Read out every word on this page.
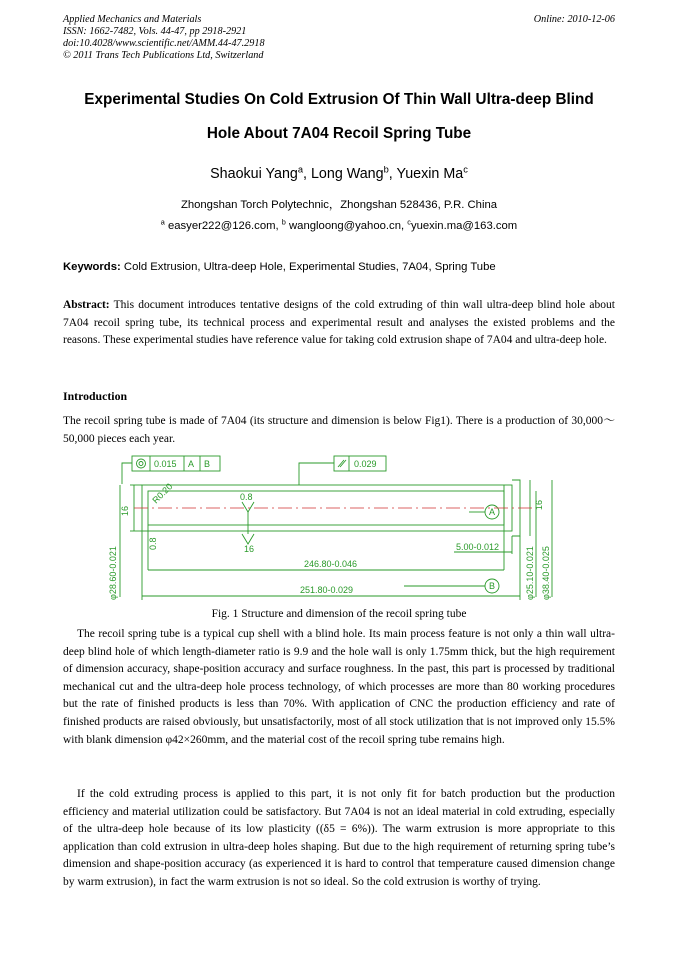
Applied Mechanics and Materials
ISSN: 1662-7482, Vols. 44-47, pp 2918-2921
doi:10.4028/www.scientific.net/AMM.44-47.2918
© 2011 Trans Tech Publications Ltd, Switzerland
Online: 2010-12-06
Experimental Studies On Cold Extrusion Of Thin Wall Ultra-deep Blind
Hole About 7A04 Recoil Spring Tube
Shaokui Yang$^a$, Long Wang$^b$, Yuexin Ma$^c$
Zhongshan Torch Polytechnic，Zhongshan 528436, P.R. China
$^a$ easyer222@126.com, $^b$ wangloong@yahoo.cn, $^c$yuexin.ma@163.com
Keywords: Cold Extrusion, Ultra-deep Hole, Experimental Studies, 7A04, Spring Tube
Abstract: This document introduces tentative designs of the cold extruding of thin wall ultra-deep blind hole about 7A04 recoil spring tube, its technical process and experimental result and analyses the existed problems and the reasons. These experimental studies have reference value for taking cold extrusion shape of 7A04 and ultra-deep hole.
Introduction
The recoil spring tube is made of 7A04 (its structure and dimension is below Fig1). There is a production of 30,000～50,000 pieces each year.
0.015 A B	0.029
16
16
R0.20	0.8
16
0.8
A
B
5.00-0.012
246.80-0.046
251.80-0.029
φ28.60-0.021	φ25.10-0.021 φ38.40-0.025
Fig. 1 Structure and dimension of the recoil spring tube
The recoil spring tube is a typical cup shell with a blind hole. Its main process feature is not only a thin wall ultra-deep blind hole of which length-diameter ratio is 9.9 and the hole wall is only 1.75mm thick, but the high requirement of dimension accuracy, shape-position accuracy and surface roughness. In the past, this part is processed by traditional mechanical cut and the ultra-deep hole process technology, of which processes are more than 80 working procedures but the rate of finished products is less than 70%. With application of CNC the production efficiency and rate of finished products are raised obviously, but unsatisfactorily, most of all stock utilization that is not improved only 15.5% with blank dimension φ42×260mm, and the material cost of the recoil spring tube remains high.
If the cold extruding process is applied to this part, it is not only fit for batch production but the production efficiency and material utilization could be satisfactory. But 7A04 is not an ideal material in cold extruding, especially of the ultra-deep hole because of its low plasticity ((δ5 = 6%)). The warm extrusion is more appropriate to this application than cold extrusion in ultra-deep holes shaping. But due to the high requirement of returning spring tube’s dimension and shape-position accuracy (as experienced it is hard to control that temperature caused dimension change by warm extrusion), in fact the warm extrusion is not so ideal. So the cold extrusion is worthy of trying.
